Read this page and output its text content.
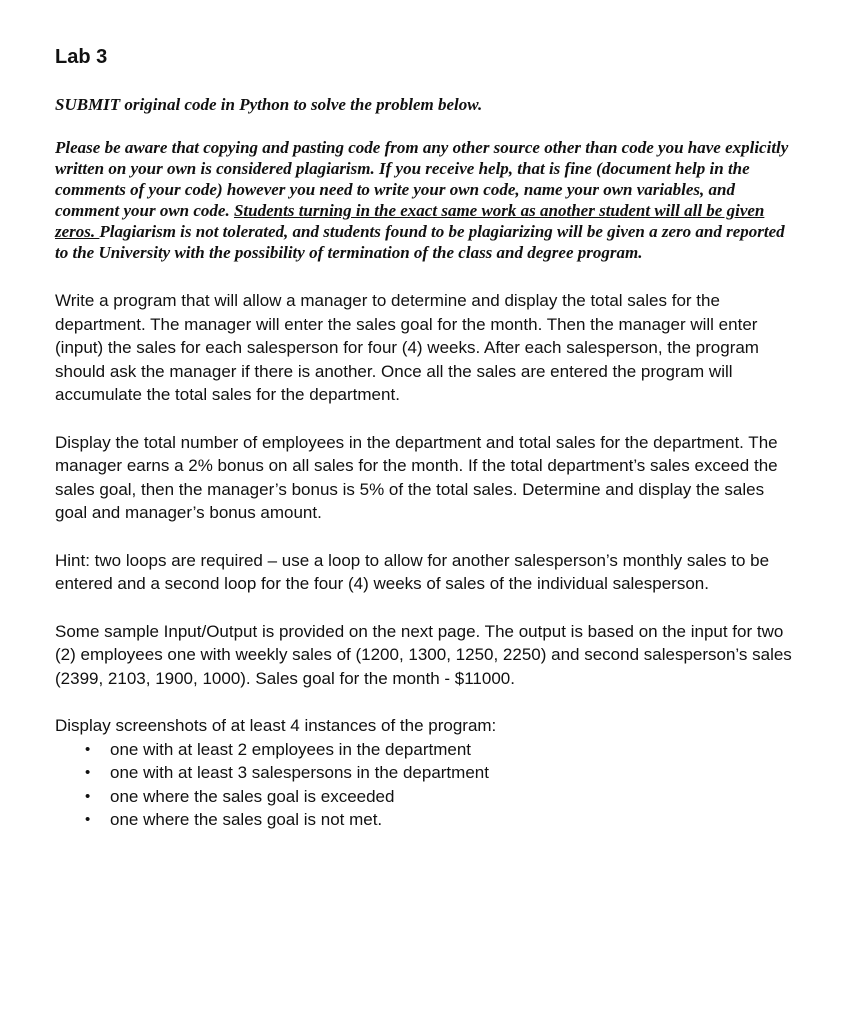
Lab 3

SUBMIT original code in Python to solve the problem below.

Please be aware that copying and pasting code from any other source other than code you have explicitly written on your own is considered plagiarism. If you receive help, that is fine (document help in the comments of your code) however you need to write your own code, name your own variables, and comment your own code. Students turning in the exact same work as another student will all be given zeros. Plagiarism is not tolerated, and students found to be plagiarizing will be given a zero and reported to the University with the possibility of termination of the class and degree program.

Write a program that will allow a manager to determine and display the total sales for the department. The manager will enter the sales goal for the month. Then the manager will enter (input) the sales for each salesperson for four (4) weeks. After each salesperson, the program should ask the manager if there is another. Once all the sales are entered the program will accumulate the total sales for the department.

Display the total number of employees in the department and total sales for the department. The manager earns a 2% bonus on all sales for the month. If the total department’s sales exceed the sales goal, then the manager’s bonus is 5% of the total sales. Determine and display the sales goal and manager’s bonus amount.

Hint: two loops are required – use a loop to allow for another salesperson’s monthly sales to be entered and a second loop for the four (4) weeks of sales of the individual salesperson.

Some sample Input/Output is provided on the next page. The output is based on the input for two (2) employees one with weekly sales of (1200, 1300, 1250, 2250) and second salesperson’s sales (2399, 2103, 1900, 1000). Sales goal for the month - $11000.

Display screenshots of at least 4 instances of the program:

• one with at least 2 employees in the department
• one with at least 3 salespersons in the department
• one where the sales goal is exceeded
• one where the sales goal is not met.
